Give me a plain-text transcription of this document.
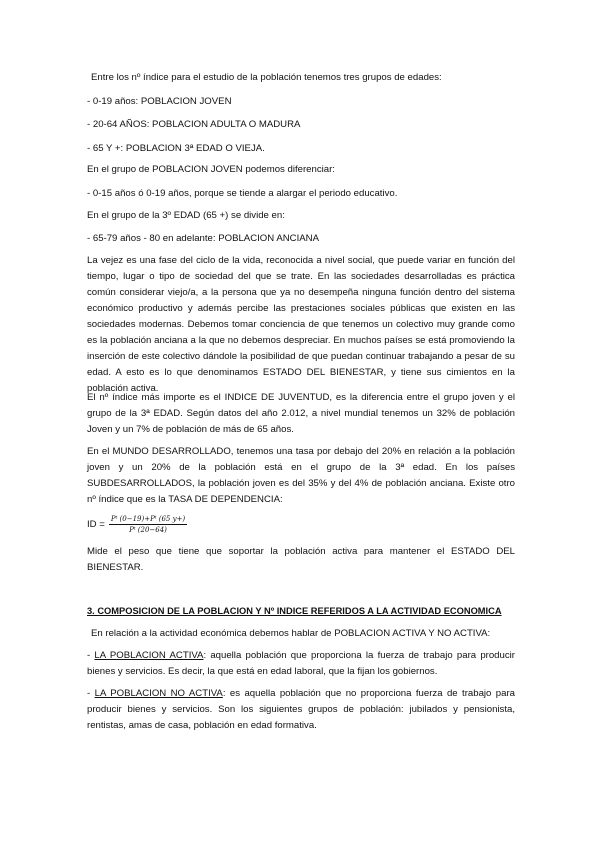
Entre los nº índice para el estudio de la población tenemos tres grupos de edades:
- 0-19 años: POBLACION JOVEN
- 20-64 AÑOS: POBLACION ADULTA O MADURA
- 65 Y +: POBLACION 3ª EDAD O VIEJA.
En el grupo de POBLACION JOVEN podemos diferenciar:
- 0-15 años ó 0-19 años, porque se tiende a alargar el periodo educativo.
En el grupo de la 3º EDAD (65 +) se divide en:
- 65-79 años - 80 en adelante: POBLACION ANCIANA
La vejez es una fase del ciclo de la vida, reconocida a nivel social, que puede variar en función del tiempo, lugar o tipo de sociedad del que se trate. En las sociedades desarrolladas es práctica común considerar viejo/a, a la persona que ya no desempeña ninguna función dentro del sistema económico productivo y además percibe las prestaciones sociales públicas que existen en las sociedades modernas. Debemos tomar conciencia de que tenemos un colectivo muy grande como es la población anciana a la que no debemos despreciar. En muchos países se está promoviendo la inserción de este colectivo dándole la posibilidad de que puedan continuar trabajando a pesar de su edad. A esto es lo que denominamos ESTADO DEL BIENESTAR, y tiene sus cimientos en la población activa.
El nº índice más importe es el INDICE DE JUVENTUD, es la diferencia entre el grupo joven y el grupo de la 3ª EDAD. Según datos del año 2.012, a nivel mundial tenemos un 32% de población Joven y un 7% de población de más de 65 años.
En el MUNDO DESARROLLADO, tenemos una tasa por debajo del 20% en relación a la población joven y un 20% de la población está en el grupo de la 3ª edad. En los países SUBDESARROLLADOS, la población joven es del 35% y del 4% de población anciana. Existe otro nº índice que es la TASA DE DEPENDENCIA:
ID = $\frac{\text{Pᵗ (0−19)+Pᵗ (65 y+)}}{\text{Pᵗ (20−64)}}$
Mide el peso que tiene que soportar la población activa para mantener el ESTADO DEL BIENESTAR.
3. COMPOSICION DE LA POBLACION Y Nº INDICE REFERIDOS A LA ACTIVIDAD ECONOMICA
En relación a la actividad económica debemos hablar de POBLACION ACTIVA Y NO ACTIVA:
- LA POBLACION ACTIVA: aquella población que proporciona la fuerza de trabajo para producir bienes y servicios. Es decir, la que está en edad laboral, que la fijan los gobiernos.
- LA POBLACION NO ACTIVA: es aquella población que no proporciona fuerza de trabajo para producir bienes y servicios. Son los siguientes grupos de población: jubilados y pensionista, rentistas, amas de casa, población en edad formativa.
